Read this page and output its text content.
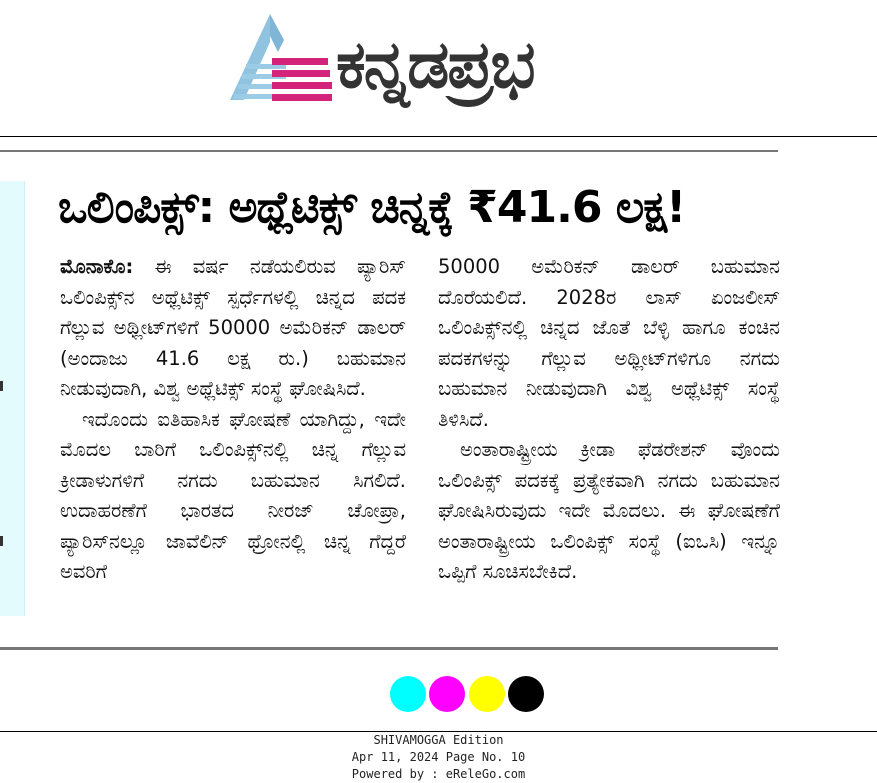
ಕನ್ನಡಪ್ರಭ
ಒಲಿಂಪಿಕ್ಸ್‌: ಅಥ್ಲೆಟಿಕ್ಸ್‌ ಚಿನ್ನಕ್ಕೆ ₹41.6 ಲಕ್ಷ!

ಮೊನಾಕೊ: ಈ ವರ್ಷ ನಡೆಯಲಿರುವ ಪ್ಯಾರಿಸ್ ಒಲಿಂಪಿಕ್ಸ್‌ನ ಅಥ್ಲೆಟಿಕ್ಸ್ ಸ್ಪರ್ಧೆಗಳಲ್ಲಿ ಚಿನ್ನದ ಪದಕ ಗೆಲ್ಲುವ ಅಥ್ಲೀಟ್‌ಗಳಿಗೆ 50000 ಅಮೆರಿಕನ್ ಡಾಲರ್ (ಅಂದಾಜು 41.6 ಲಕ್ಷ ರು.) ಬಹುಮಾನ ನೀಡುವುದಾಗಿ, ವಿಶ್ವ ಅಥ್ಲೆಟಿಕ್ಸ್ ಸಂಸ್ಥೆ ಘೋಷಿಸಿದೆ.

ಇದೊಂದು ಐತಿಹಾಸಿಕ ಘೋಷಣೆ ಯಾಗಿದ್ದು, ಇದೇ ಮೊದಲ ಬಾರಿಗೆ ಒಲಿಂಪಿಕ್ಸ್‌ನಲ್ಲಿ ಚಿನ್ನ ಗೆಲ್ಲುವ ಕ್ರೀಡಾಳುಗಳಿಗೆ ನಗದು ಬಹುಮಾನ ಸಿಗಲಿದೆ. ಉದಾಹರಣೆಗೆ ಭಾರತದ ನೀರಜ್ ಚೋಪ್ರಾ, ಪ್ಯಾರಿಸ್‌ನಲ್ಲೂ ಜಾವೆಲಿನ್ ಥ್ರೋನಲ್ಲಿ ಚಿನ್ನ ಗೆದ್ದರೆ ಅವರಿಗೆ

50000 ಅಮೆರಿಕನ್ ಡಾಲರ್ ಬಹುಮಾನ ದೊರೆಯಲಿದೆ. 2028ರ ಲಾಸ್ ಏಂಜಲೀಸ್ ಒಲಿಂಪಿಕ್ಸ್‌ನಲ್ಲಿ ಚಿನ್ನದ ಜೊತೆ ಬೆಳ್ಳಿ ಹಾಗೂ ಕಂಚಿನ ಪದಕಗಳನ್ನು ಗೆಲ್ಲುವ ಅಥ್ಲೀಟ್‌ಗಳಿಗೂ ನಗದು ಬಹುಮಾನ ನೀಡುವುದಾಗಿ ವಿಶ್ವ ಅಥ್ಲೆಟಿಕ್ಸ್ ಸಂಸ್ಥೆ ತಿಳಿಸಿದೆ.

ಅಂತಾರಾಷ್ಟ್ರೀಯ ಕ್ರೀಡಾ ಫೆಡರೇಶನ್ ವೊಂದು ಒಲಿಂಪಿಕ್ಸ್ ಪದಕಕ್ಕೆ ಪ್ರತ್ಯೇಕವಾಗಿ ನಗದು ಬಹುಮಾನ ಘೋಷಿಸಿರುವುದು ಇದೇ ಮೊದಲು. ಈ ಘೋಷಣೆಗೆ ಅಂತಾರಾಷ್ಟ್ರೀಯ ಒಲಿಂಪಿಕ್ಸ್ ಸಂಸ್ಥೆ (ಐಒಸಿ) ಇನ್ನೂ ಒಪ್ಪಿಗೆ ಸೂಚಿಸಬೇಕಿದೆ.

SHIVAMOGGA Edition
Apr 11, 2024 Page No. 10
Powered by : eReleGo.com
